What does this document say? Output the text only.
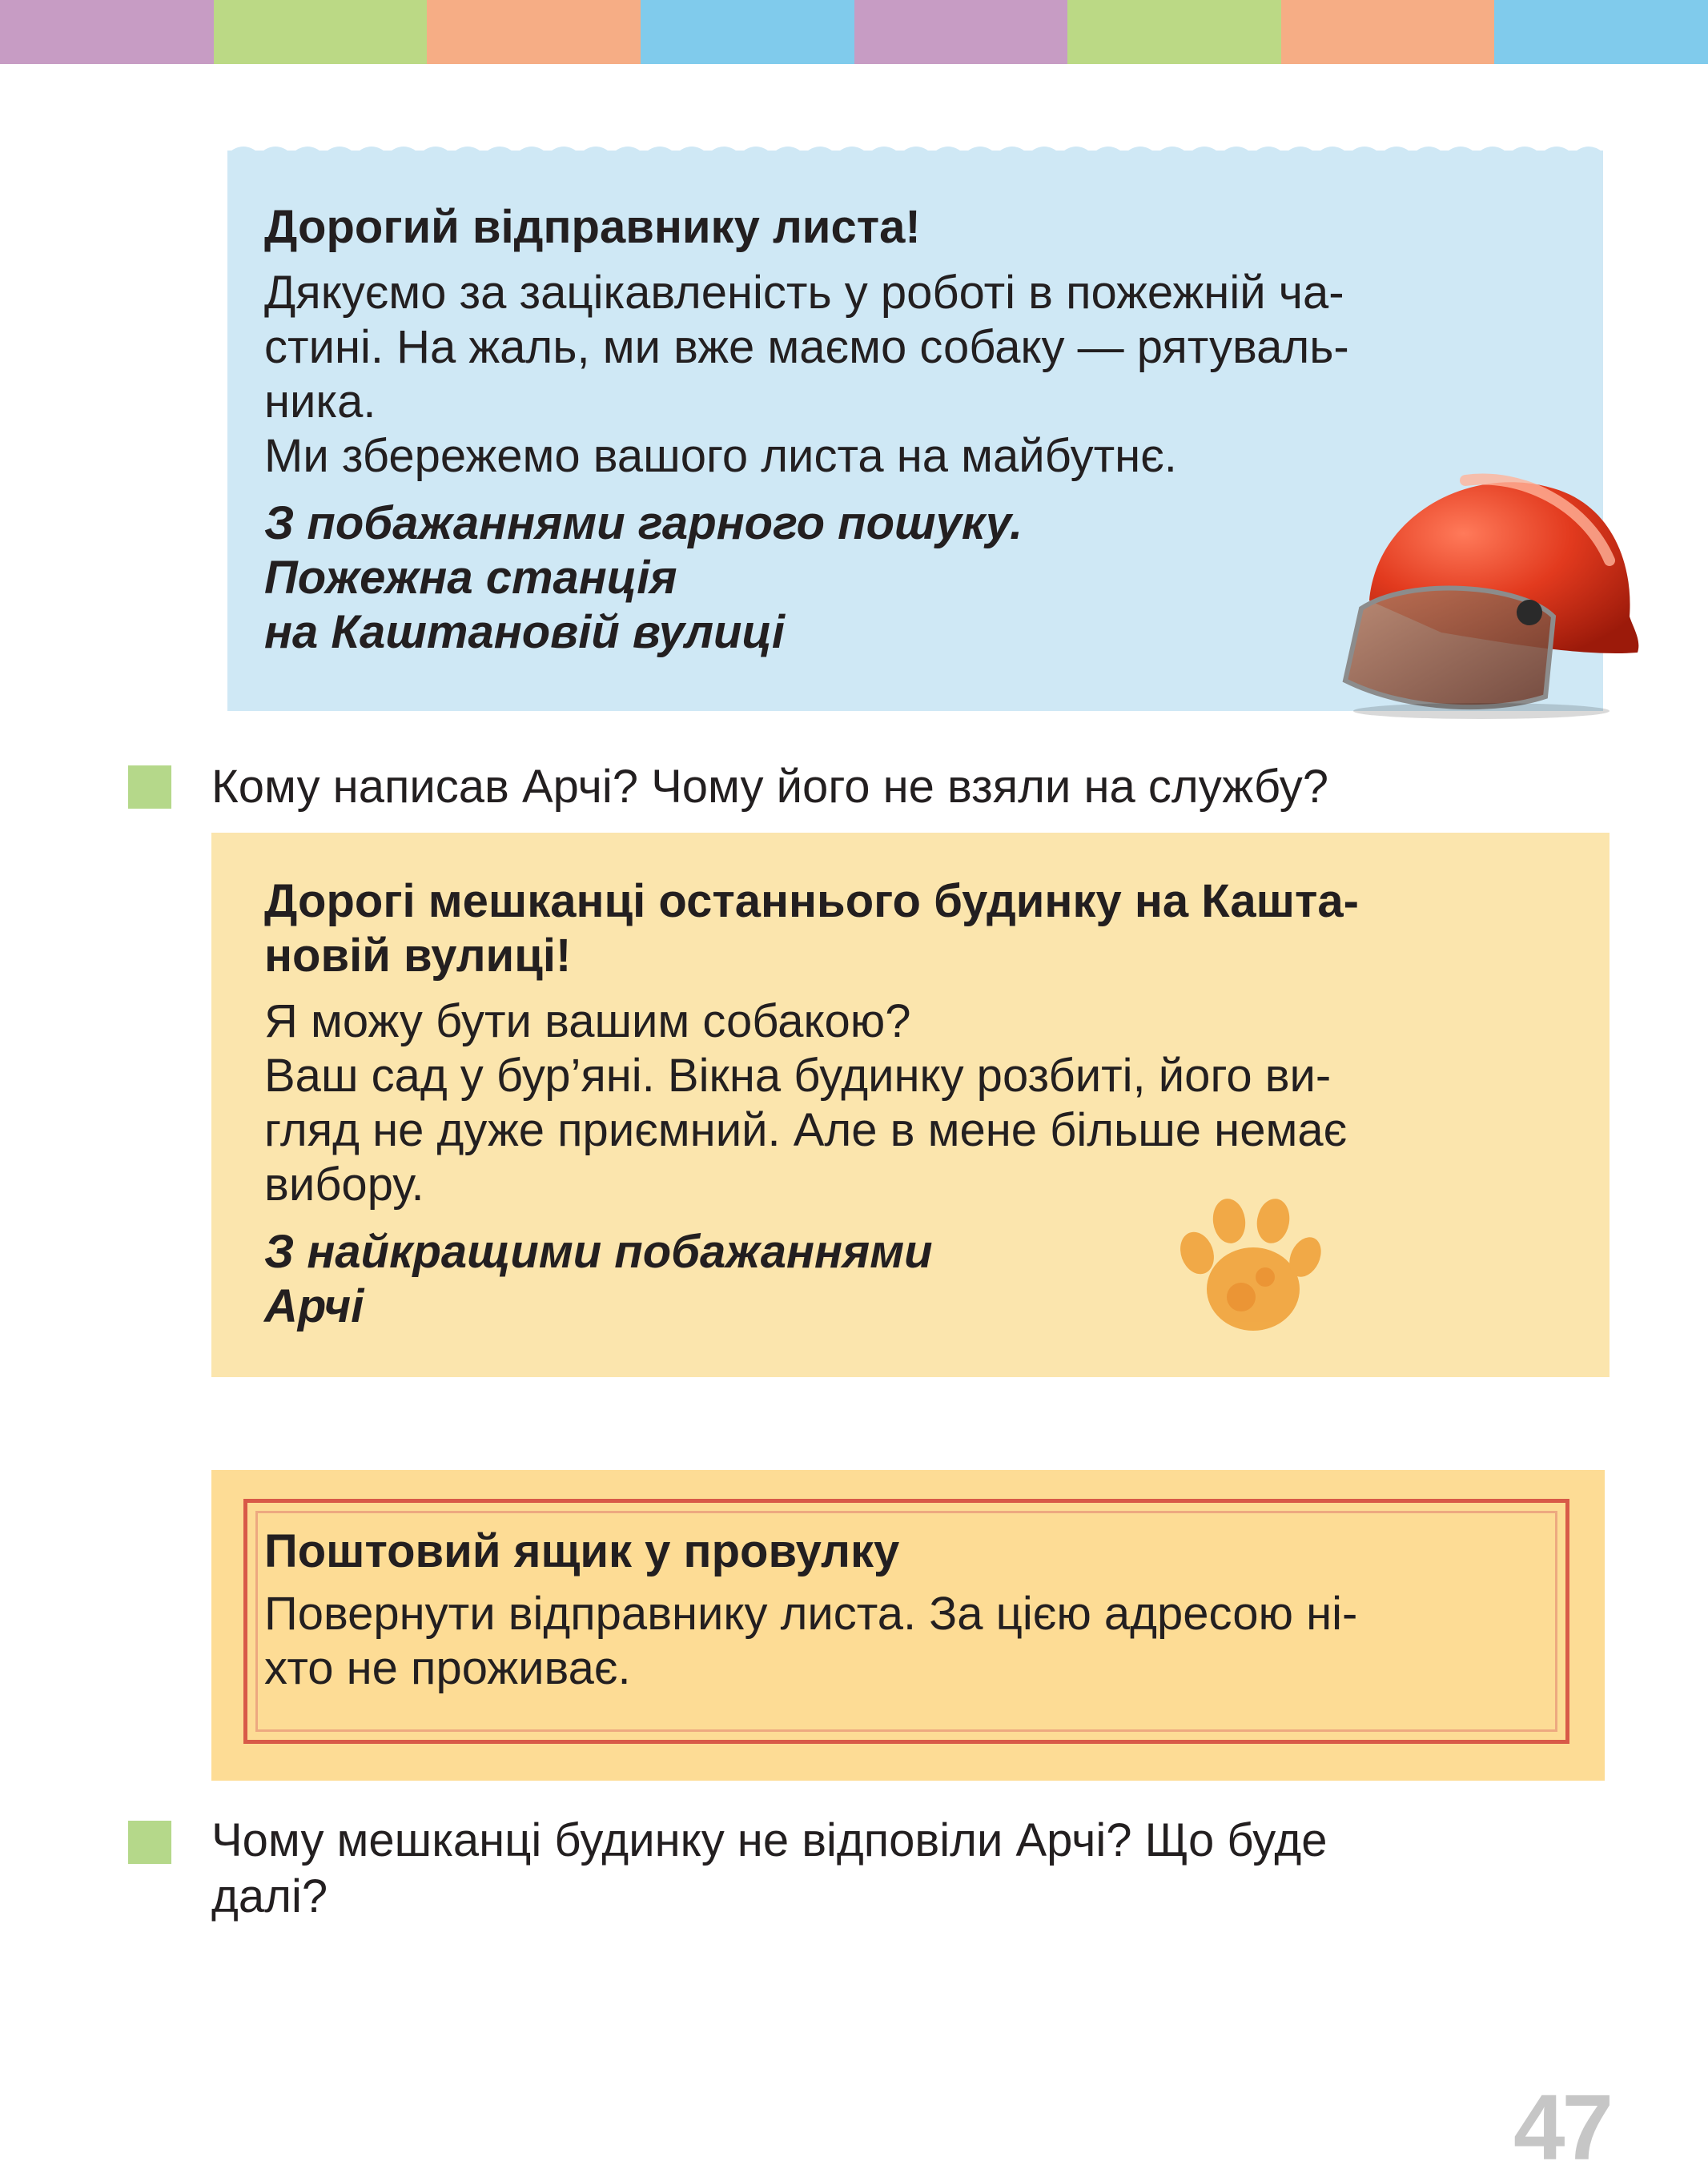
Дорогий відправнику листа!
Дякуємо за зацікавленість у роботі в пожежній ча-
стині. На жаль, ми вже маємо собаку — рятуваль-
ника.
Ми збережемо вашого листа на майбутнє.
З побажаннями гарного пошуку.
Пожежна станція
на Каштановій вулиці
Кому написав Арчі? Чому його не взяли на службу?
Дорогі мешканці останнього будинку на Кашта-
новій вулиці!
Я можу бути вашим собакою?
Ваш сад у бур’яні. Вікна будинку розбиті, його ви-
гляд не дуже приємний. Але в мене більше немає
вибору.
З найкращими побажаннями
Арчі
Поштовий ящик у провулку
Повернути відправнику листа. За цією адресою ні-
хто не проживає.
Чому мешканці будинку не відповіли Арчі? Що буде
далі?
47
